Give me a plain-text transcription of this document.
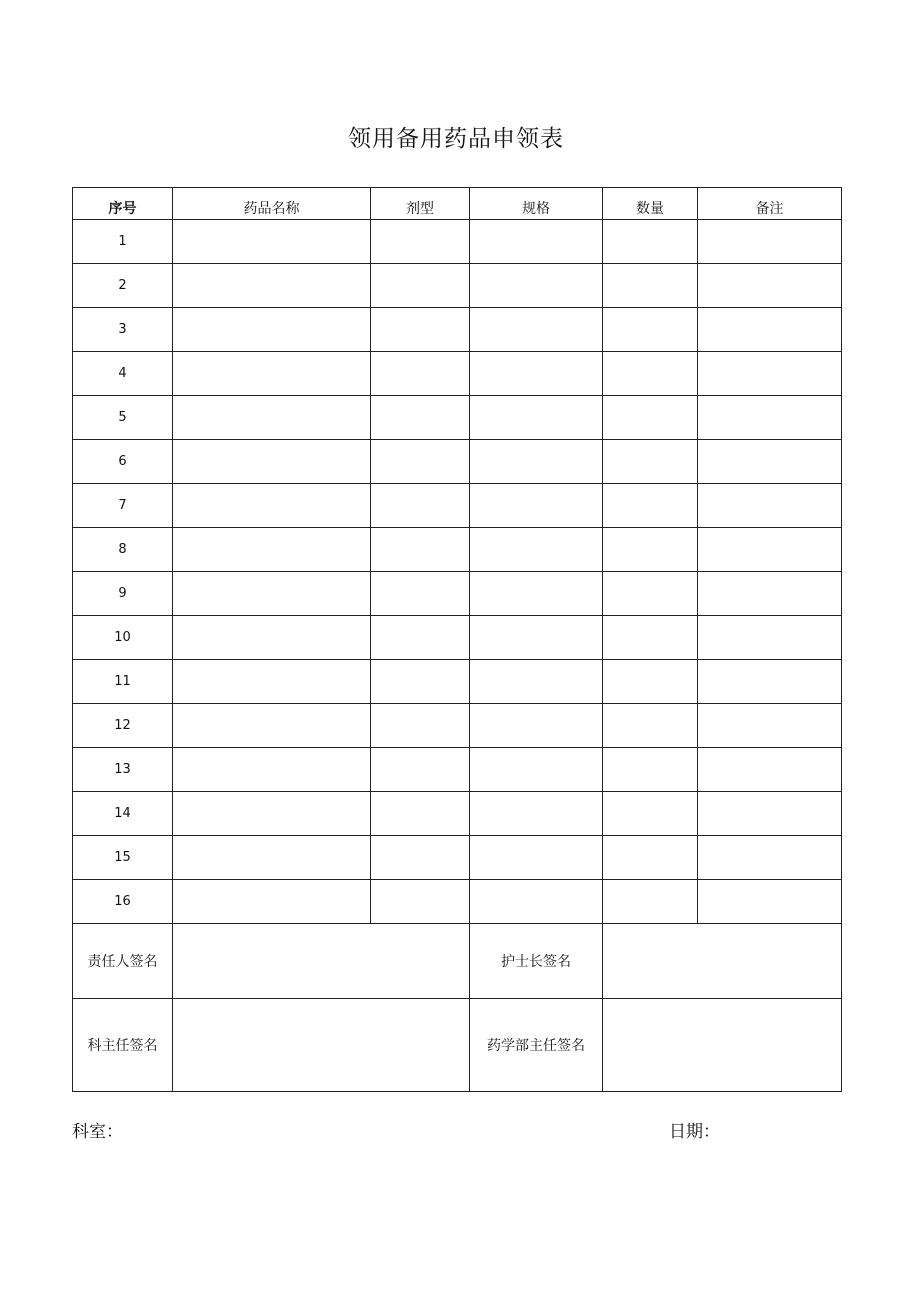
领用备用药品申领表
序号	药品名称	剂型	规格	数量	备注
1					
2					
3					
4					
5					
6					
7					
8					
9					
10					
11					
12					
13					
14					
15					
16					
责任人签名			护士长签名		
科主任签名			药学部主任签名		
科室：	日期：
